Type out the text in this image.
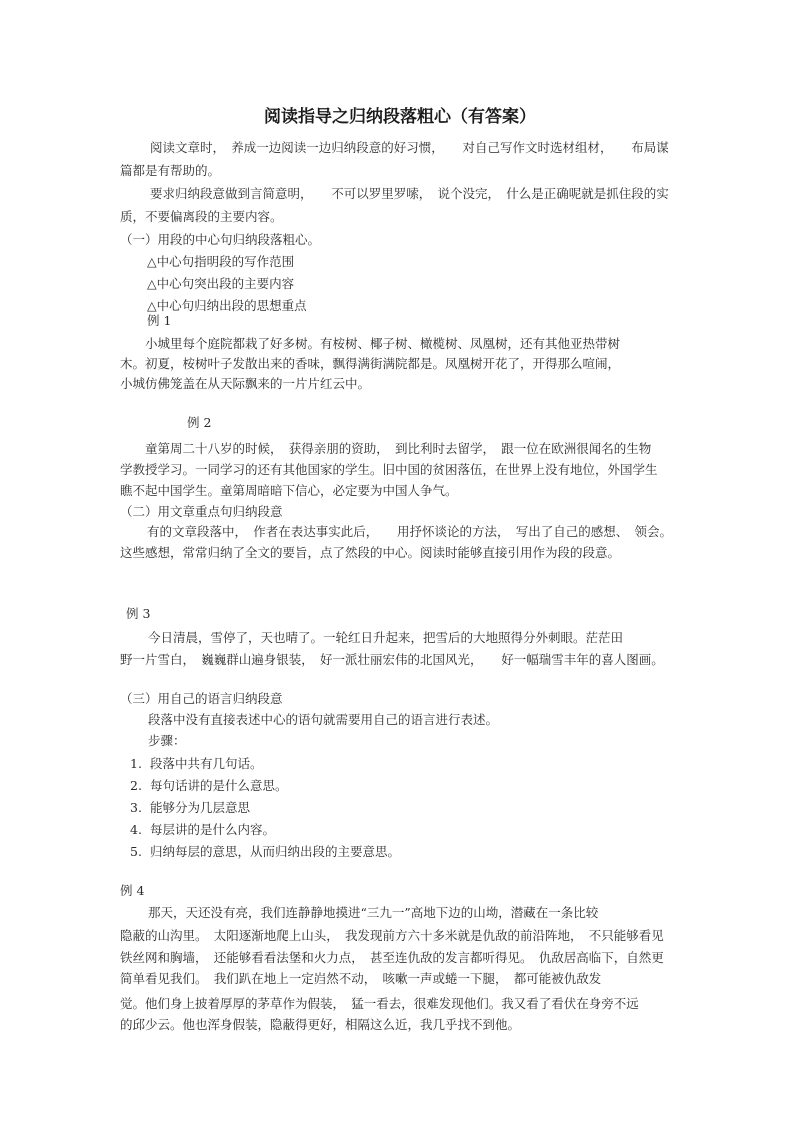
阅读指导之归纳段落粗心（有答案）

阅读文章时，　养成一边阅读一边归纳段意的好习惯，　　对自己写作文时选材组材，　　布局谋

篇都是有帮助的。

要求归纳段意做到言简意明，　　不可以罗里罗嗦，　说个没完，　什么是正确呢就是抓住段的实

质，不要偏离段的主要内容。

（一）用段的中心句归纳段落粗心。

△中心句指明段的写作范围

△中心句突出段的主要内容

△中心句归纳出段的思想重点

例 1

小城里每个庭院都栽了好多树。有桉树、椰子树、橄榄树、凤凰树，还有其他亚热带树

木。初夏，桉树叶子发散出来的香味，飘得满街满院都是。凤凰树开花了，开得那么喧闹，

小城仿佛笼盖在从天际飘来的一片片红云中。

例 2

童第周二十八岁的时候，　获得亲朋的资助，　到比利时去留学，　跟一位在欧洲很闻名的生物

学教授学习。一同学习的还有其他国家的学生。旧中国的贫困落伍，在世界上没有地位，外国学生

瞧不起中国学生。童第周暗暗下信心，必定要为中国人争气。

（二）用文章重点句归纳段意

有的文章段落中，　作者在表达事实此后，　　用抒怀谈论的方法，　写出了自己的感想、　领会。

这些感想，常常归纳了全文的要旨，点了然段的中心。阅读时能够直接引用作为段的段意。

例 3

今日清晨，雪停了，天也晴了。一轮红日升起来，把雪后的大地照得分外刺眼。茫茫田

野一片雪白，　巍巍群山遍身银装，　好一派壮丽宏伟的北国风光，　　好一幅瑞雪丰年的喜人图画。

（三）用自己的语言归纳段意

段落中没有直接表述中心的语句就需要用自己的语言进行表述。

步骤：

1. 段落中共有几句话。

2. 每句话讲的是什么意思。

3. 能够分为几层意思

4. 每层讲的是什么内容。

5. 归纳每层的意思，从而归纳出段的主要意思。

例 4

那天，天还没有亮，我们连静静地摸进“三九一”高地下边的山坳，潜藏在一条比较

隐蔽的山沟里。　太阳逐渐地爬上山头，　我发现前方六十多米就是仇敌的前沿阵地，　不只能够看见

铁丝网和胸墙，　还能够看看法堡和火力点，　甚至连仇敌的发言都听得见。　仇敌居高临下，自然更

简单看见我们。　我们趴在地上一定岿然不动，　咳嗽一声或蜷一下腿，　都可能被仇敌发

觉。他们身上披着厚厚的茅草作为假装，　猛一看去，很难发现他们。我又看了看伏在身旁不远

的邱少云。他也浑身假装，隐蔽得更好，相隔这么近，我几乎找不到他。
